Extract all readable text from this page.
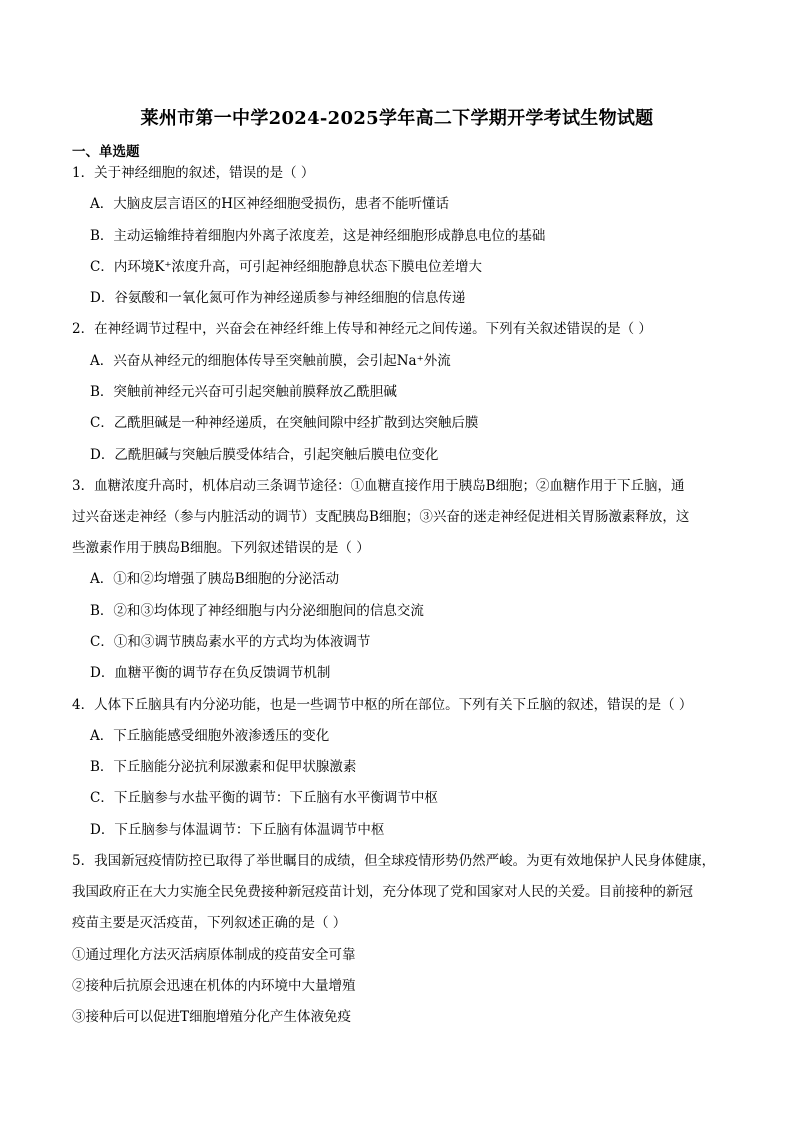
莱州市第一中学2024-2025学年高二下学期开学考试生物试题
一、单选题
1．关于神经细胞的叙述，错误的是（ ）
A．大脑皮层言语区的H区神经细胞受损伤，患者不能听懂话
B．主动运输维持着细胞内外离子浓度差，这是神经细胞形成静息电位的基础
C．内环境K⁺浓度升高，可引起神经细胞静息状态下膜电位差增大
D．谷氨酸和一氧化氮可作为神经递质参与神经细胞的信息传递
2．在神经调节过程中，兴奋会在神经纤维上传导和神经元之间传递。下列有关叙述错误的是（ ）
A．兴奋从神经元的细胞体传导至突触前膜，会引起Na⁺外流
B．突触前神经元兴奋可引起突触前膜释放乙酰胆碱
C．乙酰胆碱是一种神经递质，在突触间隙中经扩散到达突触后膜
D．乙酰胆碱与突触后膜受体结合，引起突触后膜电位变化
3．血糖浓度升高时，机体启动三条调节途径：①血糖直接作用于胰岛B细胞；②血糖作用于下丘脑，通
过兴奋迷走神经（参与内脏活动的调节）支配胰岛B细胞；③兴奋的迷走神经促进相关胃肠激素释放，这
些激素作用于胰岛B细胞。下列叙述错误的是（ ）
A．①和②均增强了胰岛B细胞的分泌活动
B．②和③均体现了神经细胞与内分泌细胞间的信息交流
C．①和③调节胰岛素水平的方式均为体液调节
D．血糖平衡的调节存在负反馈调节机制
4．人体下丘脑具有内分泌功能，也是一些调节中枢的所在部位。下列有关下丘脑的叙述，错误的是（ ）
A．下丘脑能感受细胞外液渗透压的变化
B．下丘脑能分泌抗利尿激素和促甲状腺激素
C．下丘脑参与水盐平衡的调节：下丘脑有水平衡调节中枢
D．下丘脑参与体温调节：下丘脑有体温调节中枢
5．我国新冠疫情防控已取得了举世瞩目的成绩，但全球疫情形势仍然严峻。为更有效地保护人民身体健康，
我国政府正在大力实施全民免费接种新冠疫苗计划，充分体现了党和国家对人民的关爱。目前接种的新冠
疫苗主要是灭活疫苗，下列叙述正确的是（ ）
①通过理化方法灭活病原体制成的疫苗安全可靠
②接种后抗原会迅速在机体的内环境中大量增殖
③接种后可以促进T细胞增殖分化产生体液免疫
